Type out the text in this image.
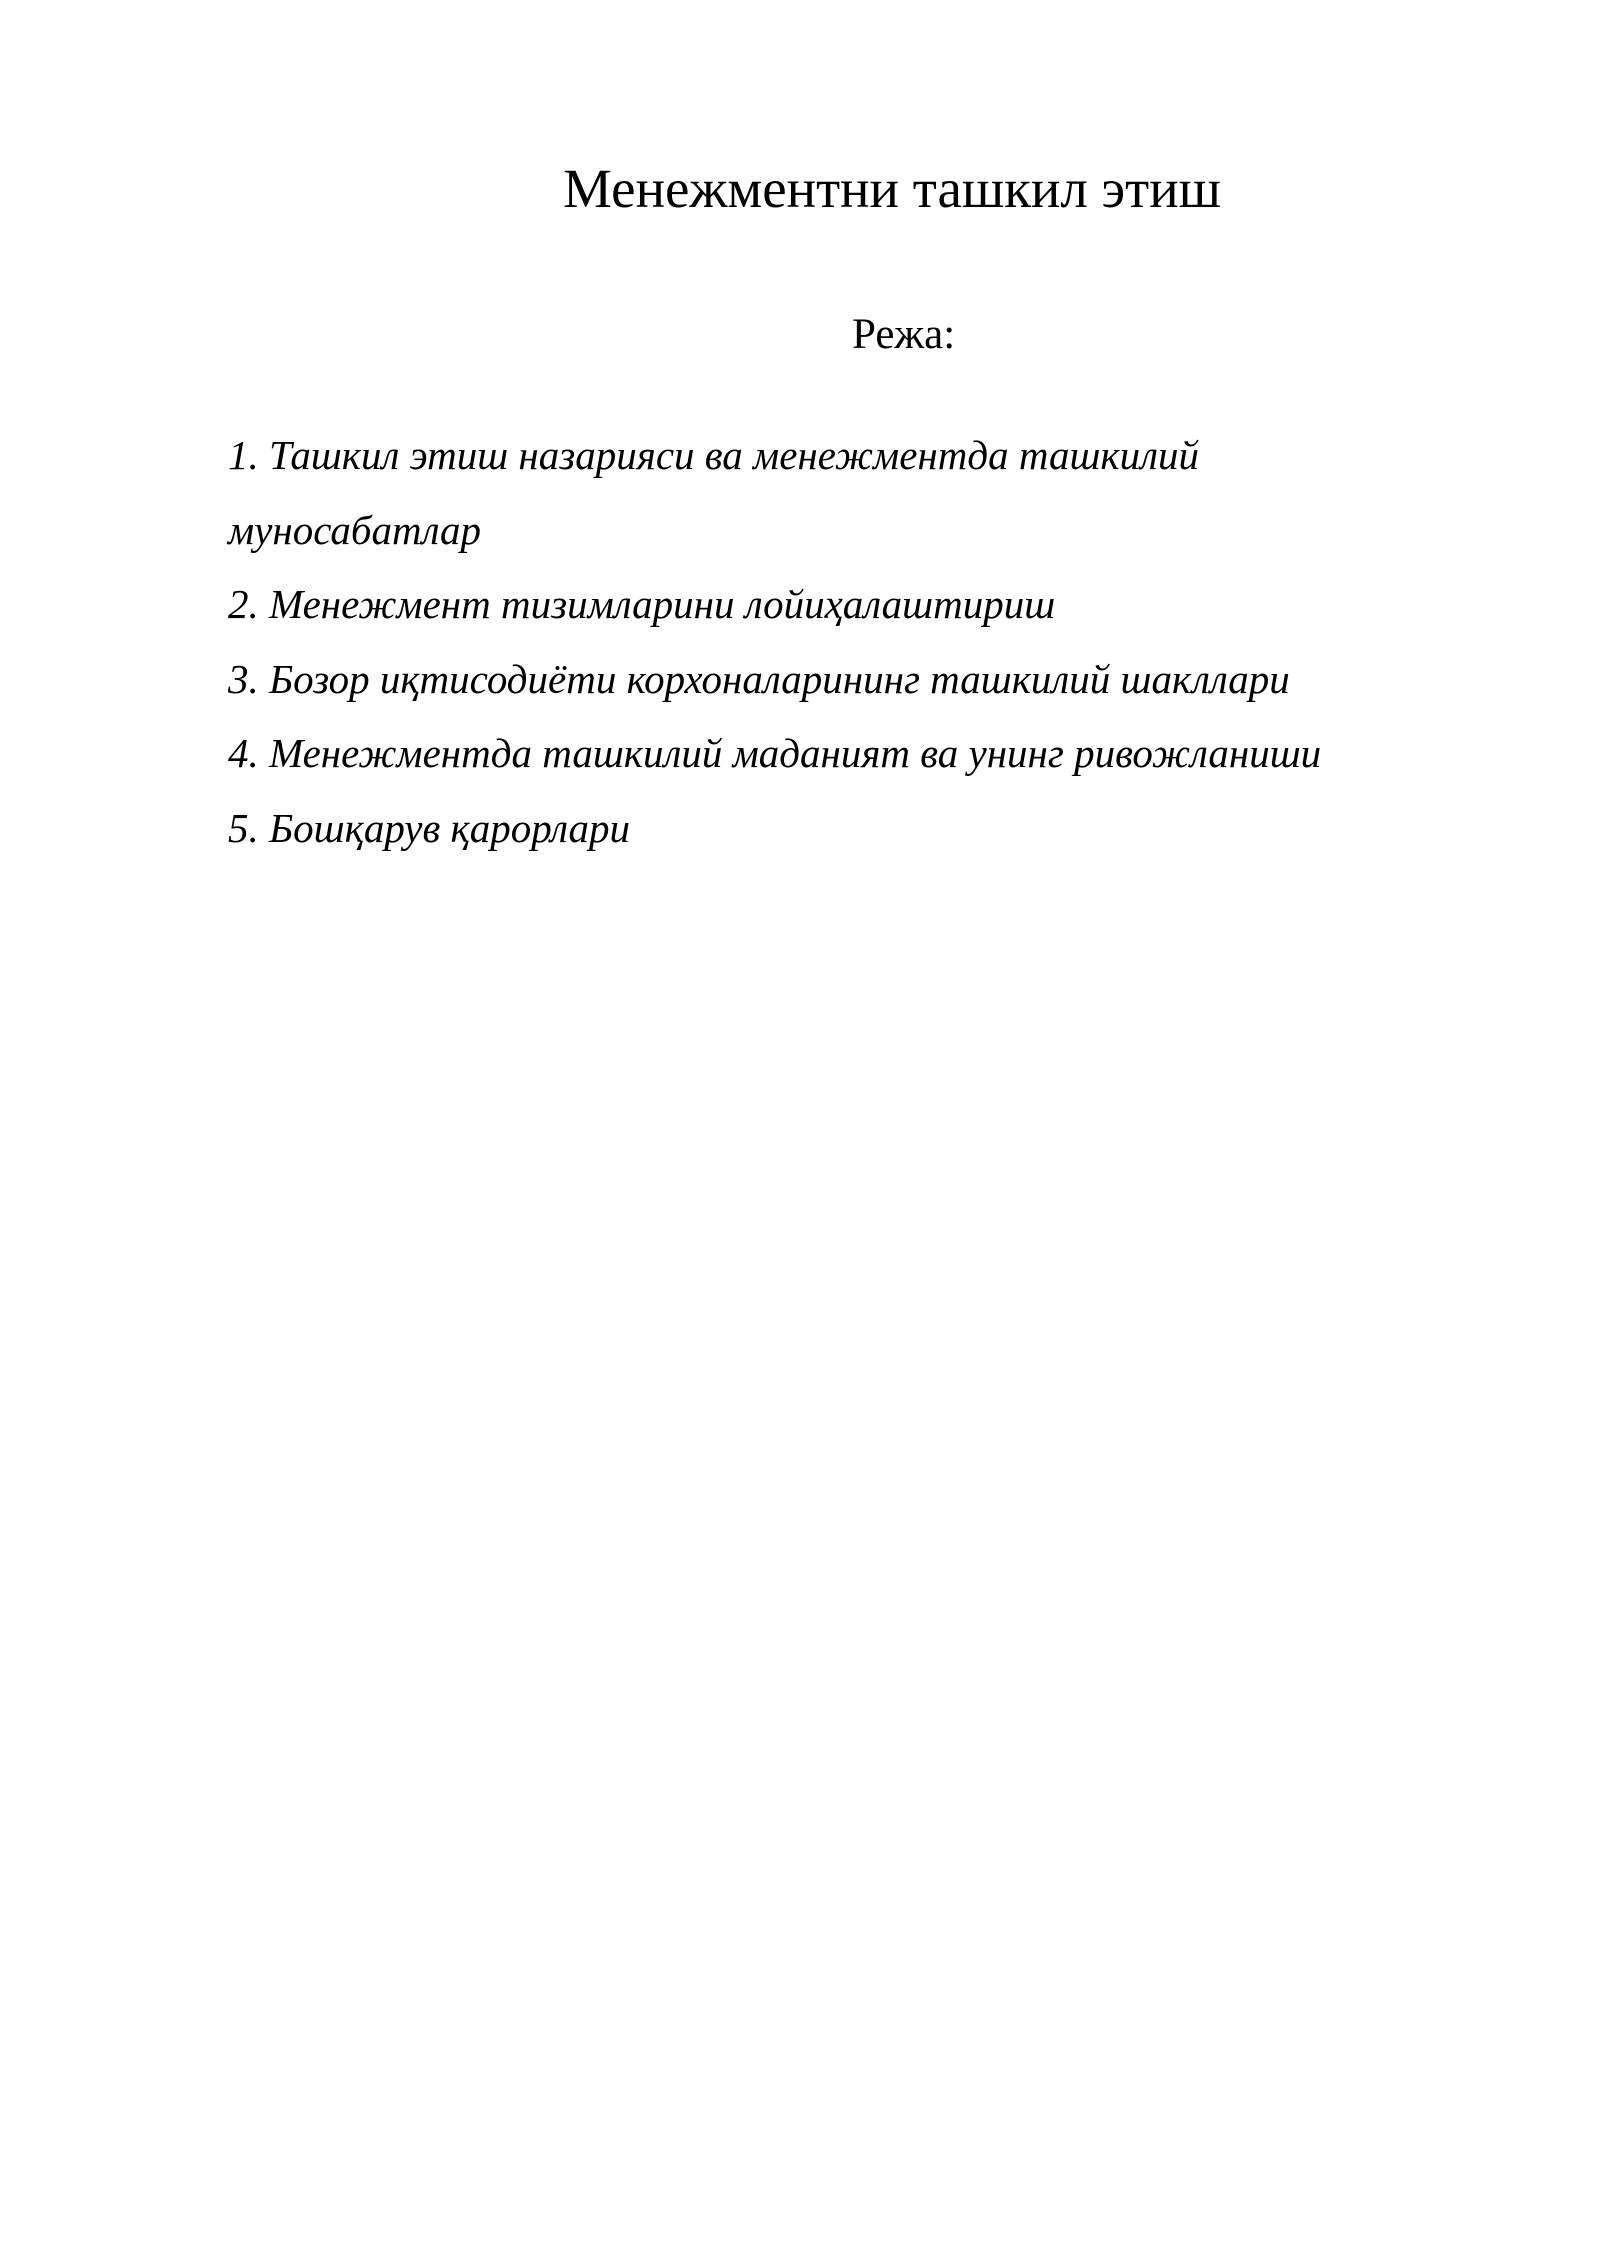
Менежментни ташкил этиш
Режа:
1. Ташкил этиш назарияси ва менежментда ташкилий муносабатлар
2. Менежмент тизимларини лойиҳалаштириш
3. Бозор иқтисодиёти корхоналарининг ташкилий шакллари
4. Менежментда ташкилий маданият ва унинг ривожланиши
5. Бошқарув қарорлари
